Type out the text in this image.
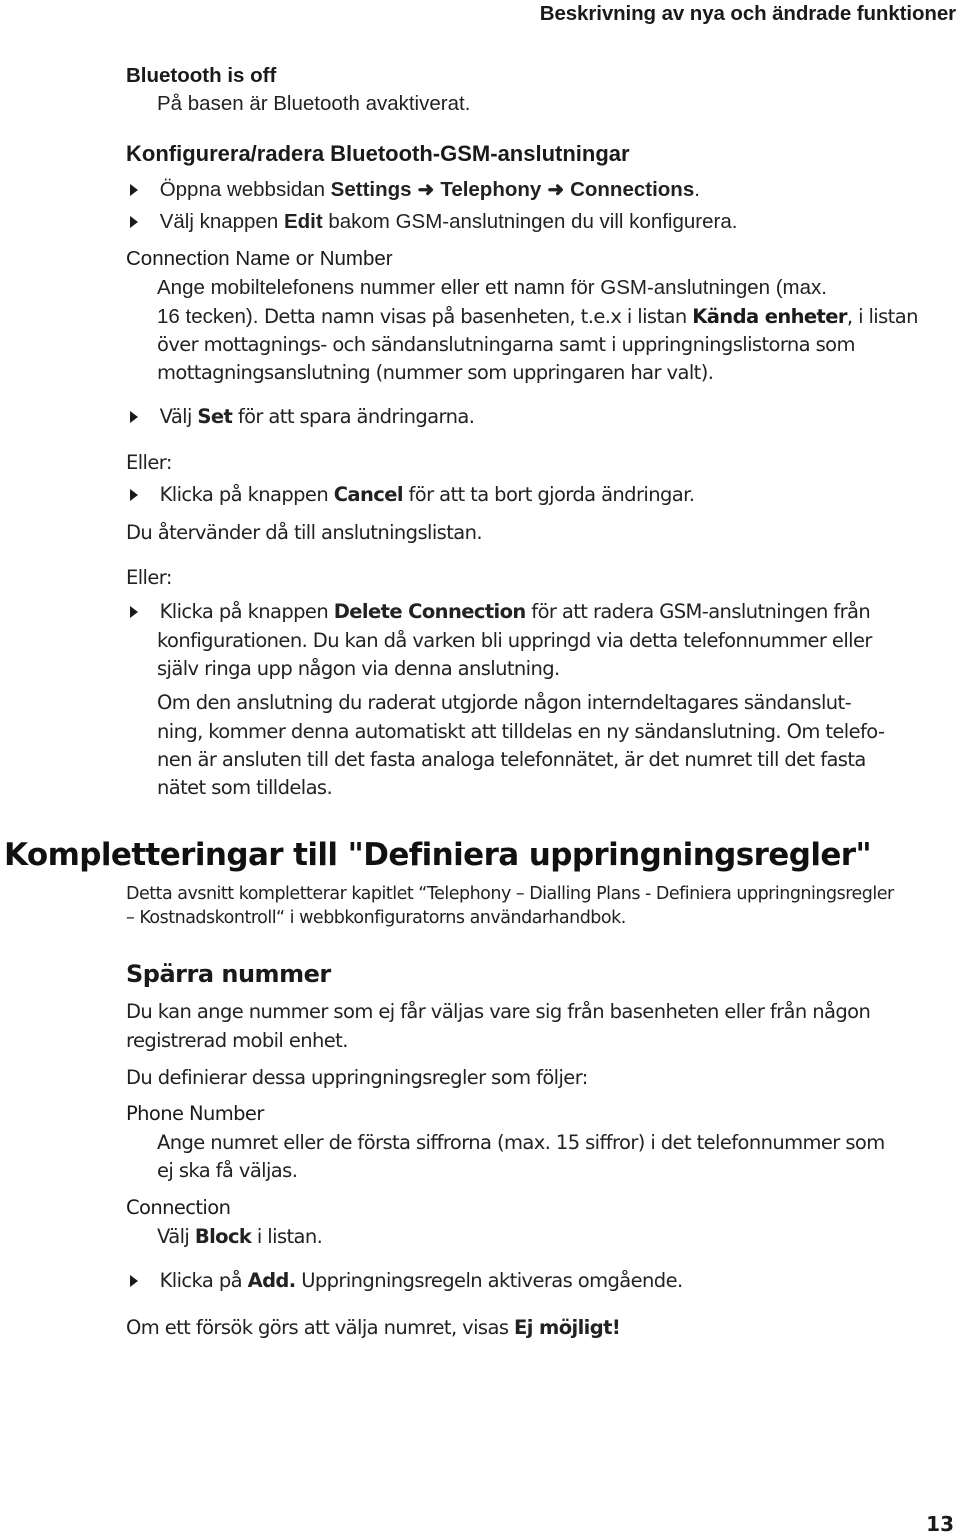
Beskrivning av nya och ändrade funktioner
Bluetooth is off
På basen är Bluetooth avaktiverat.
Konfigurera/radera Bluetooth-GSM-anslutningar
Öppna webbsidan Settings ➜ Telephony ➜ Connections.
Välj knappen Edit bakom GSM-anslutningen du vill konfigurera.
Connection Name or Number
Ange mobiltelefonens nummer eller ett namn för GSM-anslutningen (max.
16 tecken). Detta namn visas på basenheten, t.e.x i listan Kända enheter, i listan
över mottagnings- och sändanslutningarna samt i uppringningslistorna som
mottagningsanslutning (nummer som uppringaren har valt).
Välj Set för att spara ändringarna.
Eller:
Klicka på knappen Cancel för att ta bort gjorda ändringar.
Du återvänder då till anslutningslistan.
Eller:
Klicka på knappen Delete Connection för att radera GSM-anslutningen från
konfigurationen. Du kan då varken bli uppringd via detta telefonnummer eller
själv ringa upp någon via denna anslutning.
Om den anslutning du raderat utgjorde någon interndeltagares sändanslut-
ning, kommer denna automatiskt att tilldelas en ny sändanslutning. Om telefo-
nen är ansluten till det fasta analoga telefonnätet, är det numret till det fasta
nätet som tilldelas.
Kompletteringar till "Definiera uppringningsregler"
Detta avsnitt kompletterar kapitlet “Telephony – Dialling Plans - Definiera uppringningsregler
– Kostnadskontroll“ i webbkonfiguratorns användarhandbok.
Spärra nummer
Du kan ange nummer som ej får väljas vare sig från basenheten eller från någon
registrerad mobil enhet.
Du definierar dessa uppringningsregler som följer:
Phone Number
Ange numret eller de första siffrorna (max. 15 siffror) i det telefonnummer som
ej ska få väljas.
Connection
Välj Block i listan.
Klicka på Add. Uppringningsregeln aktiveras omgående.
Om ett försök görs att välja numret, visas Ej möjligt!
13
